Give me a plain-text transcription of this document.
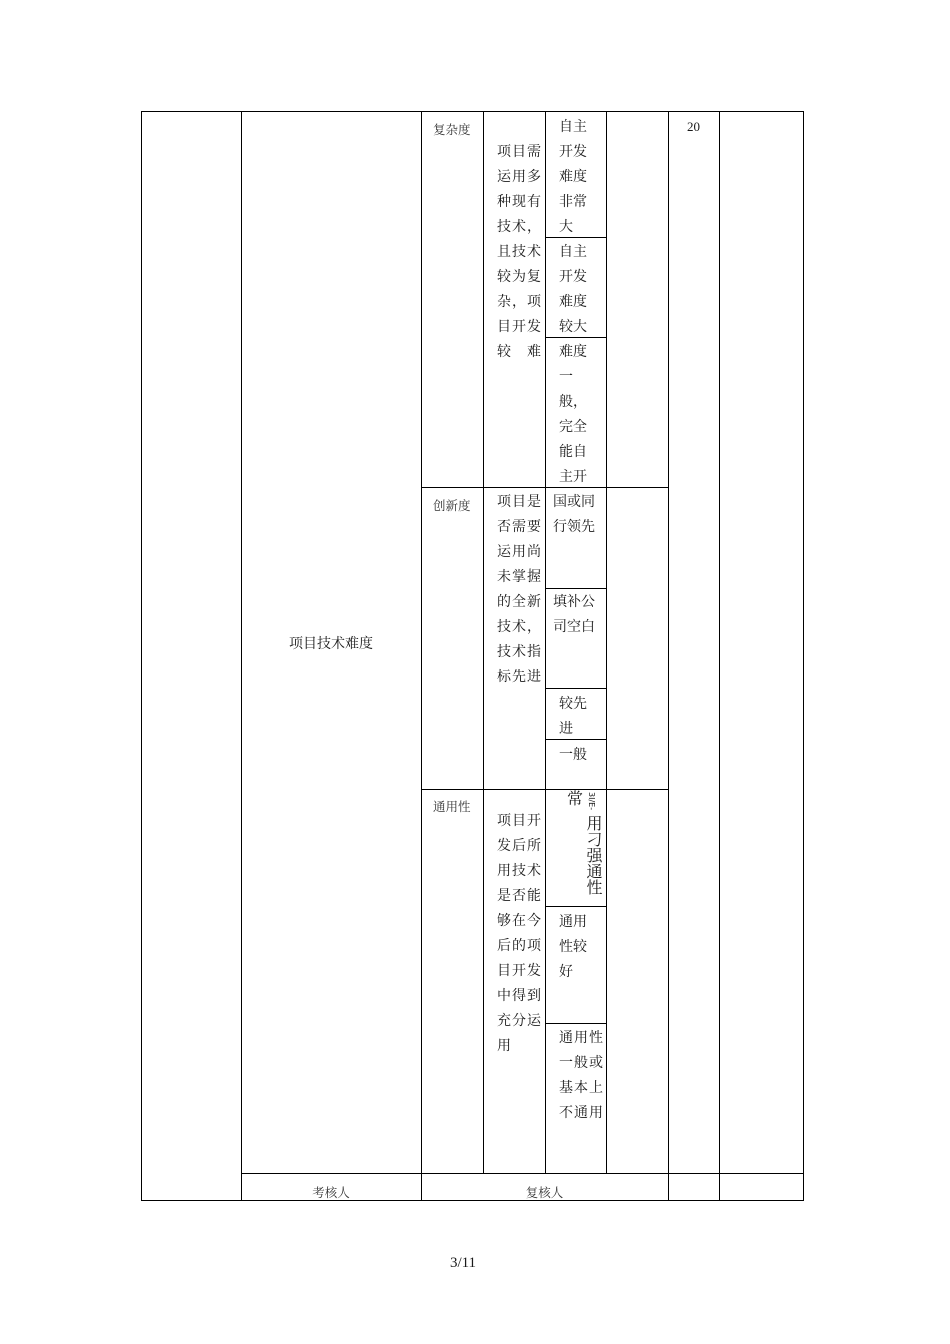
项目技术难度
20
复杂度
项目需运用多种现有技术，且技术较为复杂，项目开发较难
自主开发难度非常大
自主开发难度较大
难度一般，完全能自主开
创新度 项目是否需要运用尚未掌握的全新技术，技术指标先进
国或同行领先
填补公司空白
较先进
一般
通用性
项目开发后所用技术是否能够在今后的项目开发中得到充分运用
常 3I/E-
用刁强通性
通用性较好
通用性一般或基本上不通用
考核人	复核人
3/11
